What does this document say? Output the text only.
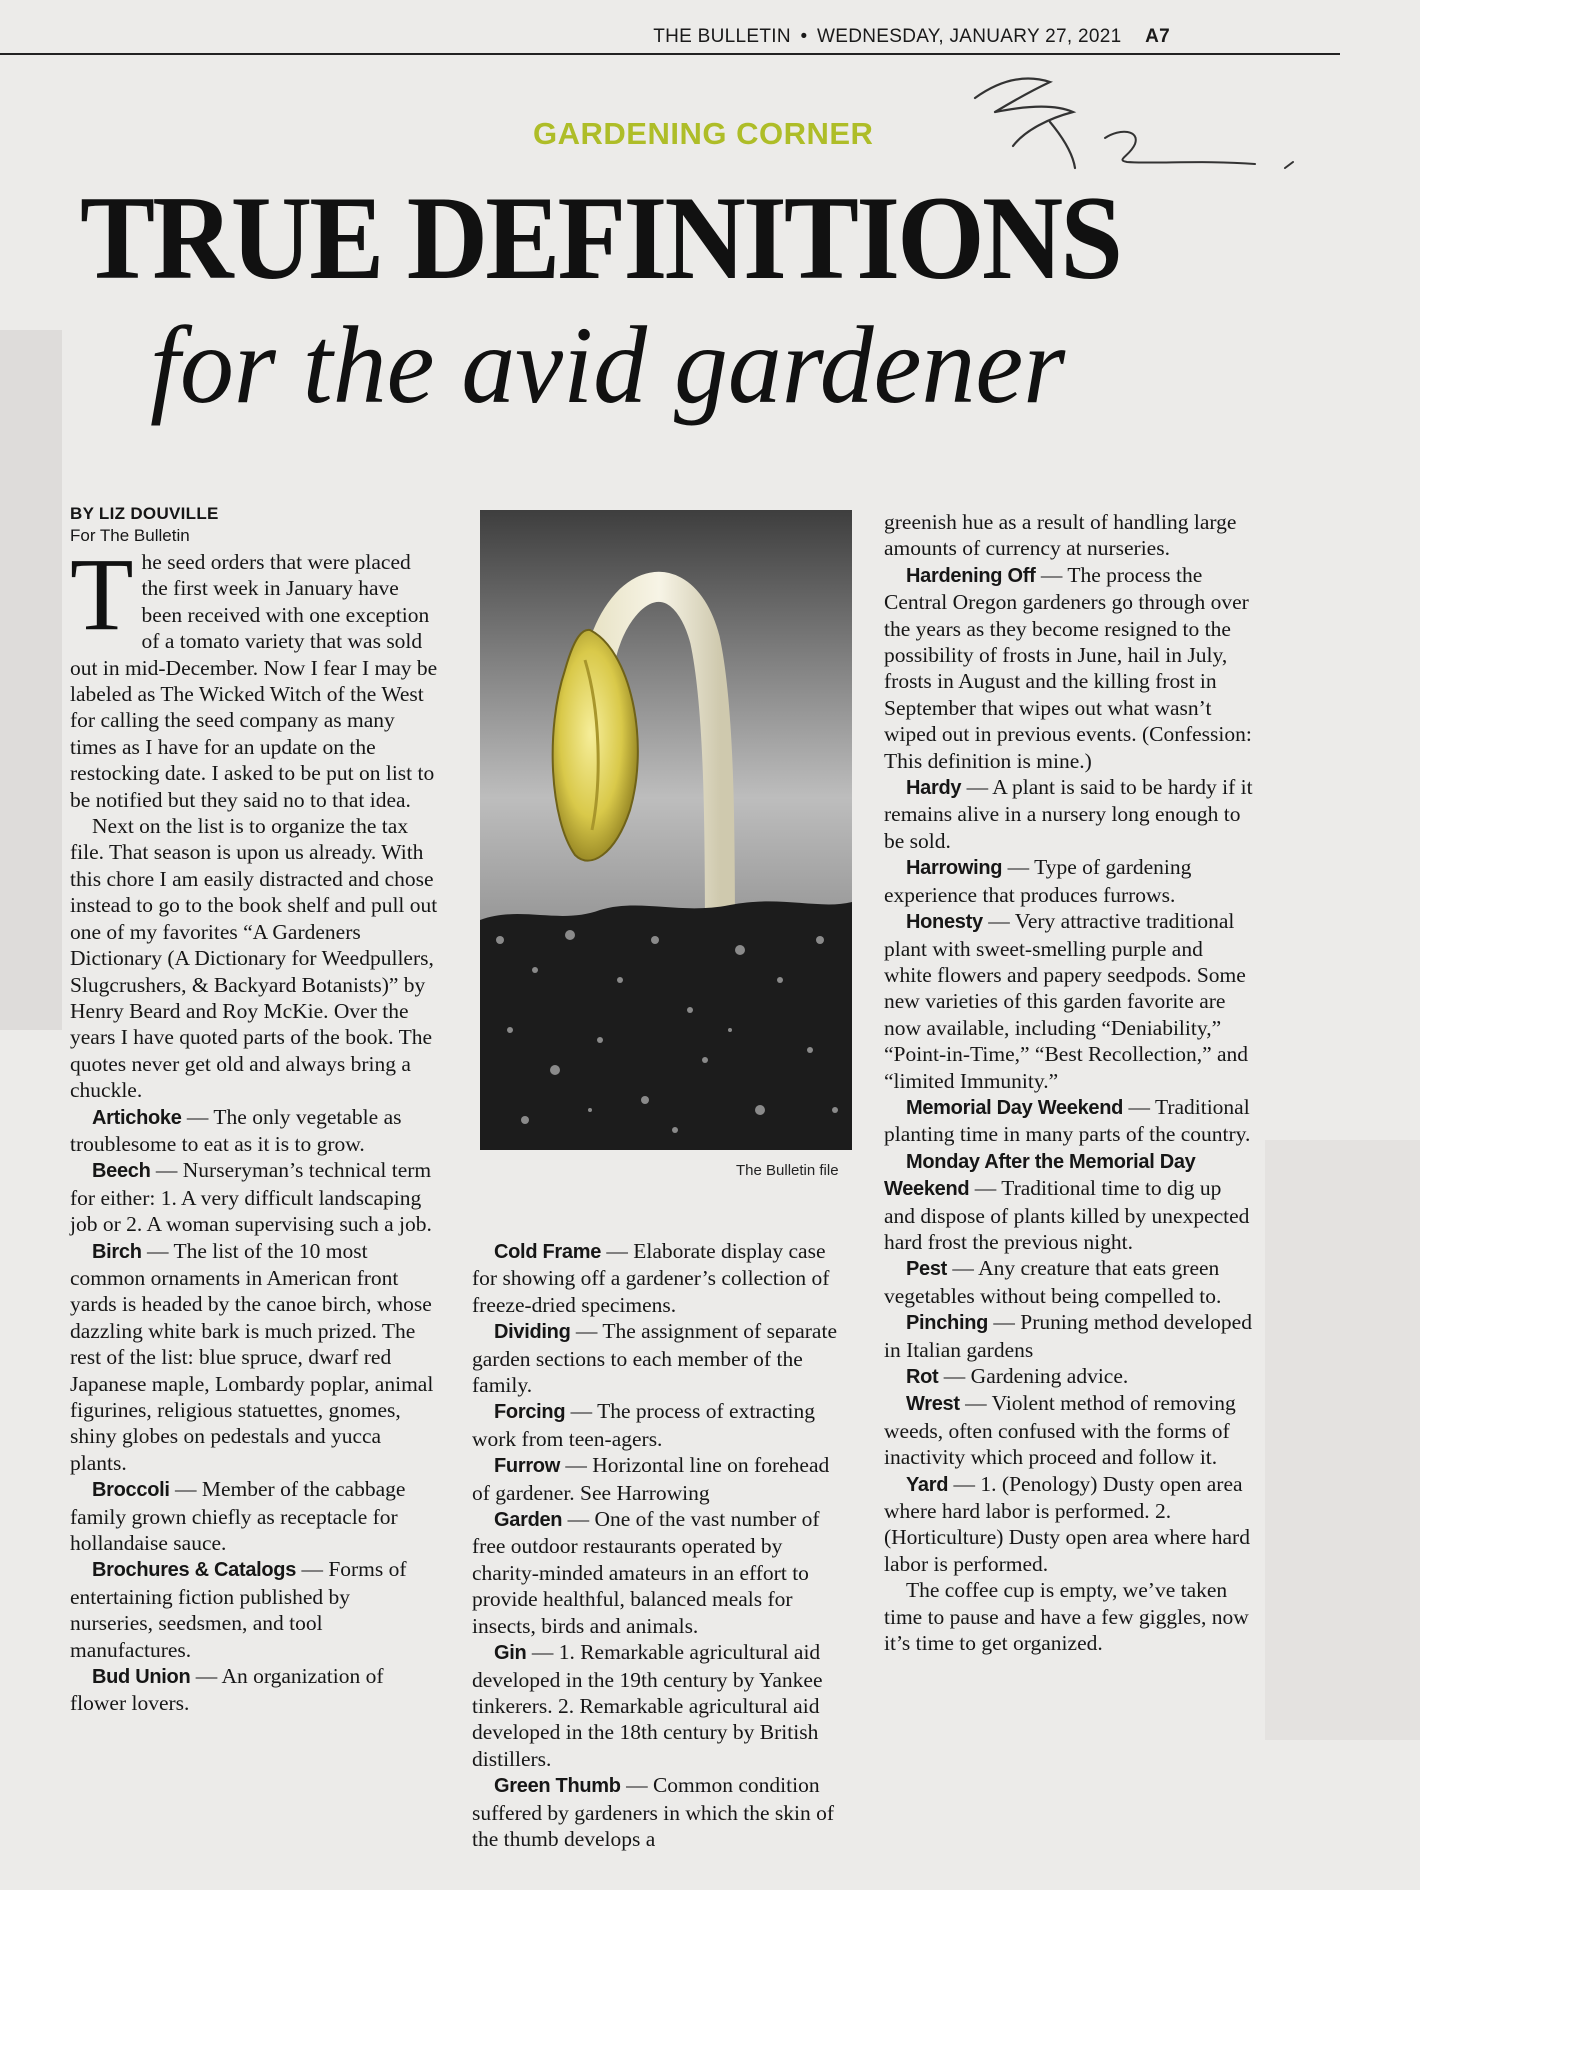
THE BULLETIN • WEDNESDAY, JANUARY 27, 2021 A7
GARDENING CORNER
TRUE DEFINITIONS
for the avid gardener

BY LIZ DOUVILLE

For The Bulletin

The seed orders that were placed the first week in January have been received with one exception of a tomato variety that was sold out in mid-December. Now I fear I may be labeled as The Wicked Witch of the West for calling the seed company as many times as I have for an update on the restocking date. I asked to be put on list to be notified but they said no to that idea.

Next on the list is to organize the tax file. That season is upon us already. With this chore I am easily distracted and chose instead to go to the book shelf and pull out one of my favorites “A Gardeners Dictionary (A Dictionary for Weedpullers, Slugcrushers, & Backyard Botanists)” by Henry Beard and Roy McKie. Over the years I have quoted parts of the book. The quotes never get old and always bring a chuckle.

Artichoke — The only vegetable as troublesome to eat as it is to grow.

Beech — Nurseryman’s technical term for either: 1. A very difficult landscaping job or 2. A woman supervising such a job.

Birch — The list of the 10 most common ornaments in American front yards is headed by the canoe birch, whose dazzling white bark is much prized. The rest of the list: blue spruce, dwarf red Japanese maple, Lombardy poplar, animal figurines, religious statuettes, gnomes, shiny globes on pedestals and yucca plants.

Broccoli — Member of the cabbage family grown chiefly as receptacle for hollandaise sauce.

Brochures & Catalogs — Forms of entertaining fiction published by nurseries, seedsmen, and tool manufactures.

Bud Union — An organization of flower lovers.

The Bulletin file

Cold Frame — Elaborate display case for showing off a gardener’s collection of freeze-dried specimens.

Dividing — The assignment of separate garden sections to each member of the family.

Forcing — The process of extracting work from teen-agers.

Furrow — Horizontal line on forehead of gardener. See Harrowing

Garden — One of the vast number of free outdoor restaurants operated by charity-minded amateurs in an effort to provide healthful, balanced meals for insects, birds and animals.

Gin — 1. Remarkable agricultural aid developed in the 19th century by Yankee tinkerers. 2. Remarkable agricultural aid developed in the 18th century by British distillers.

Green Thumb — Common condition suffered by gardeners in which the skin of the thumb develops a

greenish hue as a result of handling large amounts of currency at nurseries.

Hardening Off — The process the Central Oregon gardeners go through over the years as they become resigned to the possibility of frosts in June, hail in July, frosts in August and the killing frost in September that wipes out what wasn’t wiped out in previous events. (Confession: This definition is mine.)

Hardy — A plant is said to be hardy if it remains alive in a nursery long enough to be sold.

Harrowing — Type of gardening experience that produces furrows.

Honesty — Very attractive traditional plant with sweet-smelling purple and white flowers and papery seedpods. Some new varieties of this garden favorite are now available, including “Deniability,” “Point-in-Time,” “Best Recollection,” and “limited Immunity.”

Memorial Day Weekend — Traditional planting time in many parts of the country.

Monday After the Memorial Day Weekend — Traditional time to dig up and dispose of plants killed by unexpected hard frost the previous night.

Pest — Any creature that eats green vegetables without being compelled to.

Pinching — Pruning method developed in Italian gardens

Rot — Gardening advice.

Wrest — Violent method of removing weeds, often confused with the forms of inactivity which proceed and follow it.

Yard — 1. (Penology) Dusty open area where hard labor is performed. 2. (Horticulture) Dusty open area where hard labor is performed.

The coffee cup is empty, we’ve taken time to pause and have a few giggles, now it’s time to get organized.
